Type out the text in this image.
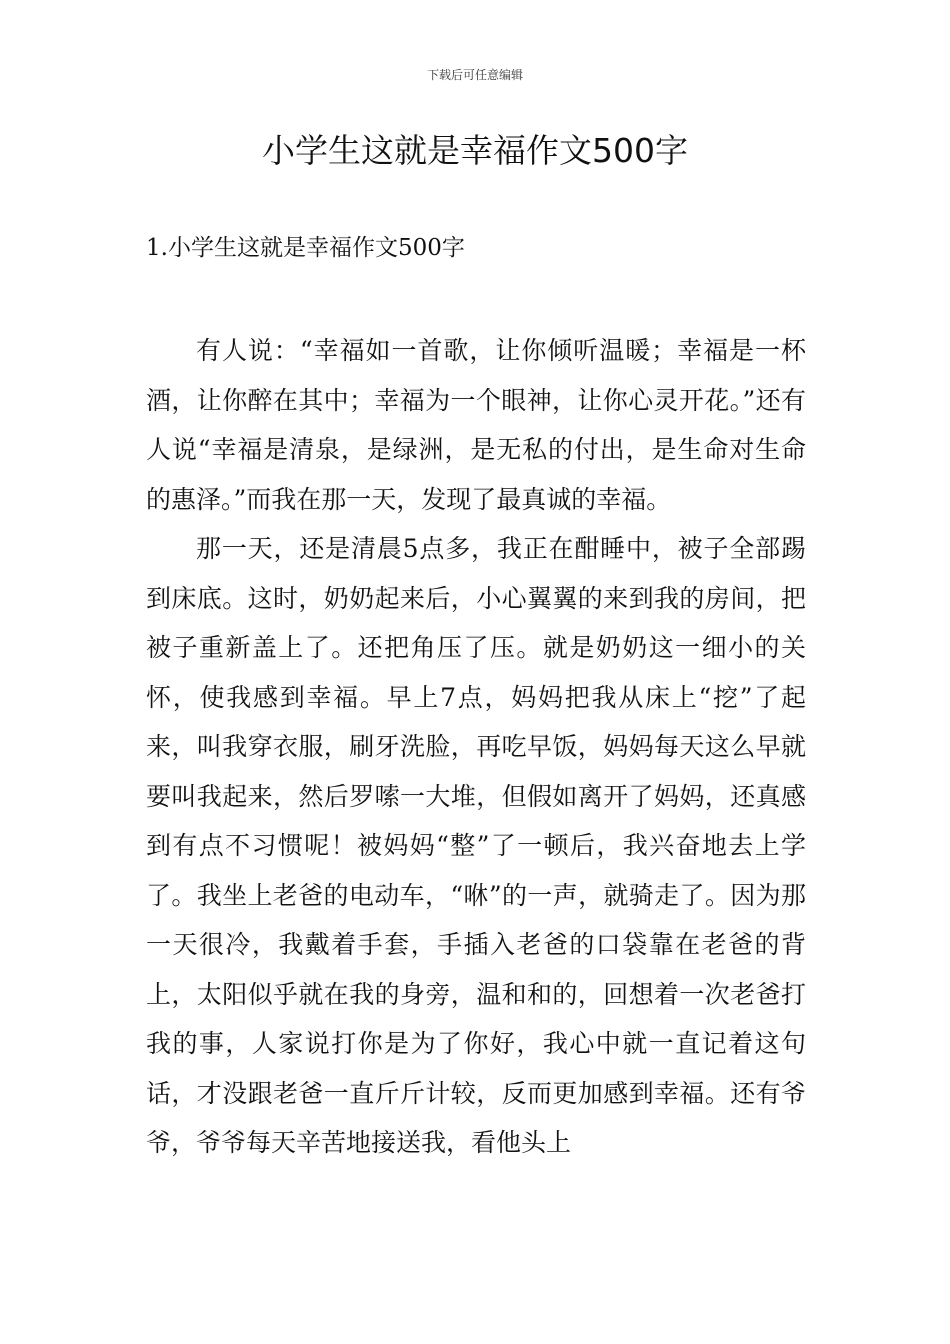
下载后可任意编辑
小学生这就是幸福作文500字
1.小学生这就是幸福作文500字

有人说：“幸福如一首歌，让你倾听温暖；幸福是一杯酒，让你醉在其中；幸福为一个眼神，让你心灵开花。”还有人说“幸福是清泉，是绿洲，是无私的付出，是生命对生命的惠泽。”而我在那一天，发现了最真诚的幸福。

那一天，还是清晨5点多，我正在酣睡中，被子全部踢到床底。这时，奶奶起来后，小心翼翼的来到我的房间，把被子重新盖上了。还把角压了压。就是奶奶这一细小的关怀，使我感到幸福。早上7点，妈妈把我从床上“挖”了起来，叫我穿衣服，刷牙洗脸，再吃早饭，妈妈每天这么早就要叫我起来，然后罗嗦一大堆，但假如离开了妈妈，还真感到有点不习惯呢！被妈妈“整”了一顿后，我兴奋地去上学了。我坐上老爸的电动车，“咻”的一声，就骑走了。因为那一天很冷，我戴着手套，手插入老爸的口袋靠在老爸的背上，太阳似乎就在我的身旁，温和和的，回想着一次老爸打我的事，人家说打你是为了你好，我心中就一直记着这句话，才没跟老爸一直斤斤计较，反而更加感到幸福。还有爷爷，爷爷每天辛苦地接送我，看他头上
